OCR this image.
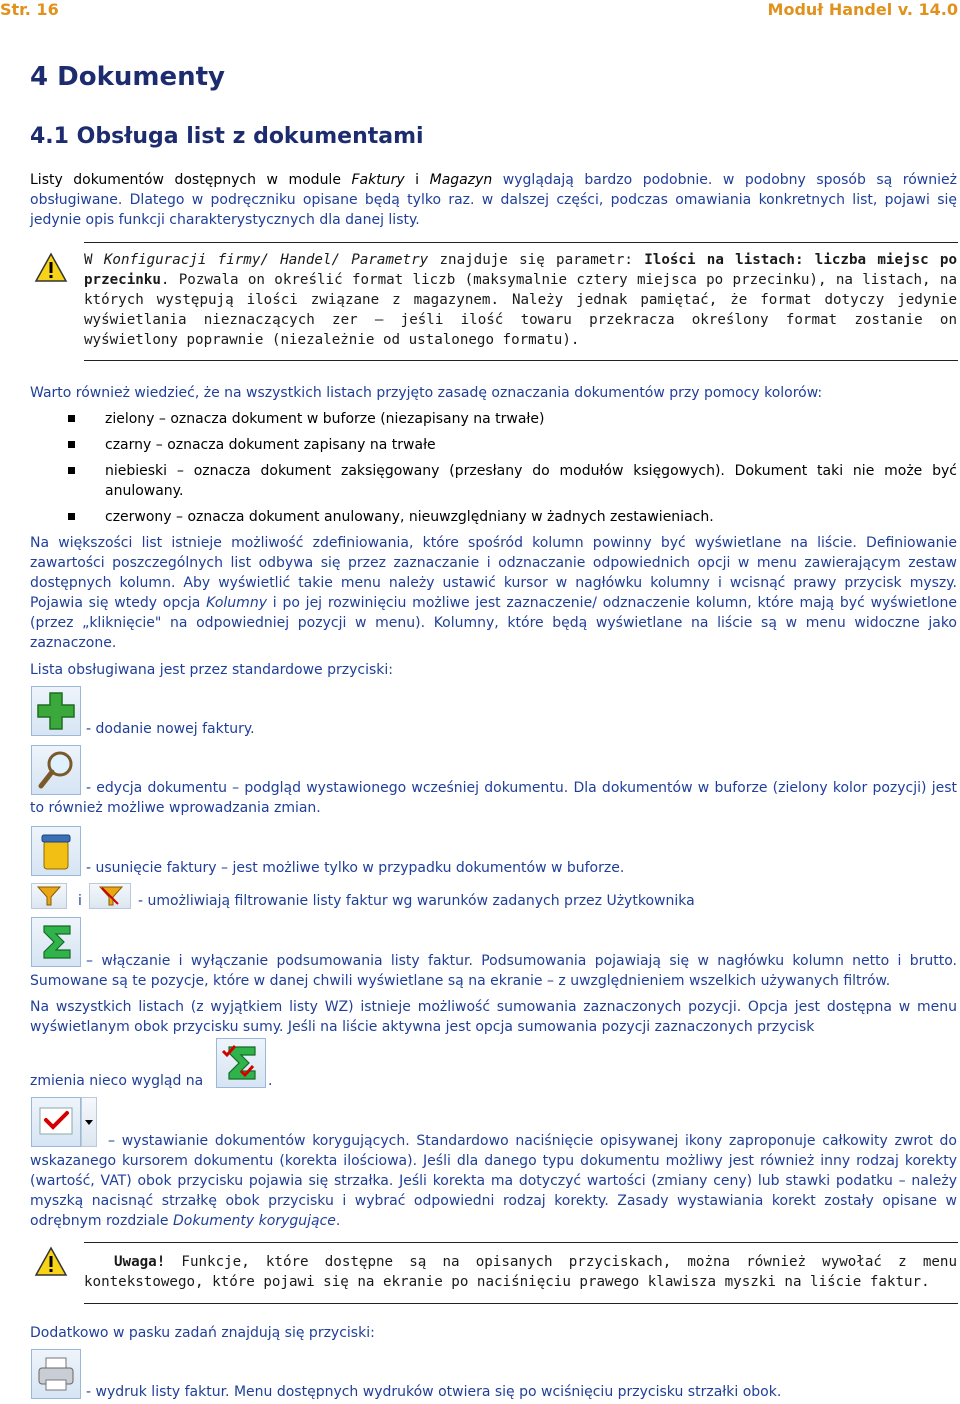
Str. 16	Moduł Handel v. 14.0
4 Dokumenty
4.1 Obsługa list z dokumentami
Listy dokumentów dostępnych w module Faktury i Magazyn wyglądają bardzo podobnie. w podobny sposób są również obsługiwane. Dlatego w podręczniku opisane będą tylko raz. w dalszej części, podczas omawiania konkretnych list, pojawi się jedynie opis funkcji charakterystycznych dla danej listy.
W Konfiguracji firmy/ Handel/ Parametry znajduje się parametr: Ilości na listach: liczba miejsc po przecinku. Pozwala on określić format liczb (maksymalnie cztery miejsca po przecinku), na listach, na których występują ilości związane z magazynem. Należy jednak pamiętać, że format dotyczy jedynie wyświetlania nieznaczących zer – jeśli ilość towaru przekracza określony format zostanie on wyświetlony poprawnie (niezależnie od ustalonego formatu).
Warto również wiedzieć, że na wszystkich listach przyjęto zasadę oznaczania dokumentów przy pomocy kolorów:
zielony – oznacza dokument w buforze (niezapisany na trwałe)
czarny – oznacza dokument zapisany na trwałe
niebieski – oznacza dokument zaksięgowany (przesłany do modułów księgowych). Dokument taki nie może być anulowany.
czerwony – oznacza dokument anulowany, nieuwzględniany w żadnych zestawieniach.
Na większości list istnieje możliwość zdefiniowania, które spośród kolumn powinny być wyświetlane na liście. Definiowanie zawartości poszczególnych list odbywa się przez zaznaczanie i odznaczanie odpowiednich opcji w menu zawierającym zestaw dostępnych kolumn. Aby wyświetlić takie menu należy ustawić kursor w nagłówku kolumny i wcisnąć prawy przycisk myszy. Pojawia się wtedy opcja Kolumny i po jej rozwinięciu możliwe jest zaznaczenie/ odznaczenie kolumn, które mają być wyświetlone (przez „kliknięcie" na odpowiedniej pozycji w menu). Kolumny, które będą wyświetlane na liście są w menu widoczne jako zaznaczone.
Lista obsługiwana jest przez standardowe przyciski:
- dodanie nowej faktury.
- edycja dokumentu – podgląd wystawionego wcześniej dokumentu. Dla dokumentów w buforze (zielony kolor pozycji) jest to również możliwe wprowadzania zmian.
- usunięcie faktury – jest możliwe tylko w przypadku dokumentów w buforze.
i	- umożliwiają filtrowanie listy faktur wg warunków zadanych przez Użytkownika
– włączanie i wyłączanie podsumowania listy faktur. Podsumowania pojawiają się w nagłówku kolumn netto i brutto. Sumowane są te pozycje, które w danej chwili wyświetlane są na ekranie – z uwzględnieniem wszelkich używanych filtrów.
Na wszystkich listach (z wyjątkiem listy WZ) istnieje możliwość sumowania zaznaczonych pozycji. Opcja jest dostępna w menu wyświetlanym obok przycisku sumy. Jeśli na liście aktywna jest opcja sumowania pozycji zaznaczonych przycisk
zmienia nieco wygląd na	.
– wystawianie dokumentów korygujących. Standardowo naciśnięcie opisywanej ikony zaproponuje całkowity zwrot do wskazanego kursorem dokumentu (korekta ilościowa). Jeśli dla danego typu dokumentu możliwy jest również inny rodzaj korekty (wartość, VAT) obok przycisku pojawia się strzałka. Jeśli korekta ma dotyczyć wartości (zmiany ceny) lub stawki podatku – należy myszką nacisnąć strzałkę obok przycisku i wybrać odpowiedni rodzaj korekty. Zasady wystawiania korekt zostały opisane w odrębnym rozdziale Dokumenty korygujące.
Uwaga! Funkcje, które dostępne są na opisanych przyciskach, można również wywołać z menu kontekstowego, które pojawi się na ekranie po naciśnięciu prawego klawisza myszki na liście faktur.
Dodatkowo w pasku zadań znajdują się przyciski:
- wydruk listy faktur. Menu dostępnych wydruków otwiera się po wciśnięciu przycisku strzałki obok.
